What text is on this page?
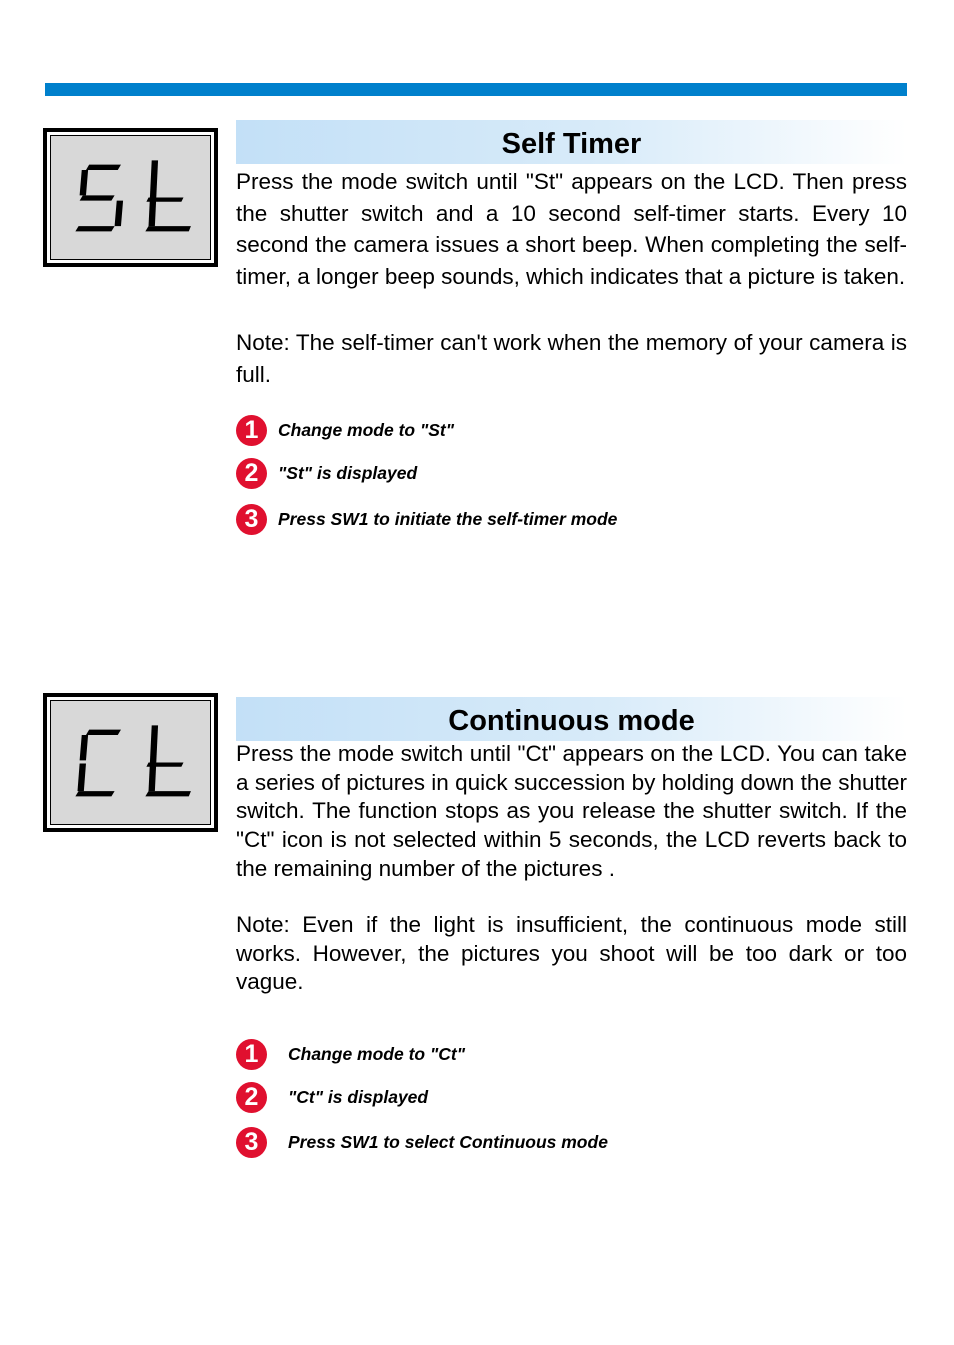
Self Timer

Press the mode switch until "St" appears on the LCD. Then press the shutter switch and a 10 second self-timer starts. Every 10 second the camera issues a short beep. When completing the self-timer, a longer beep sounds, which indicates that a picture is taken.

Note: The self-timer can't work when the memory of your camera is full.

1	Change mode to "St"
2	"St" is displayed
3	Press SW1 to initiate the self-timer mode
Continuous mode

Press the mode switch until "Ct" appears on the LCD. You can take a series of pictures in quick succession by holding down the shutter switch. The function stops as you release the shutter switch. If the "Ct" icon is not selected within 5 seconds, the LCD reverts back to the remaining number of the pictures .

Note: Even if the light is insufficient, the continuous mode still works. However, the pictures you shoot will be too dark or too vague.

1	Change mode to "Ct"
2	"Ct" is displayed
3	Press SW1 to select Continuous mode
